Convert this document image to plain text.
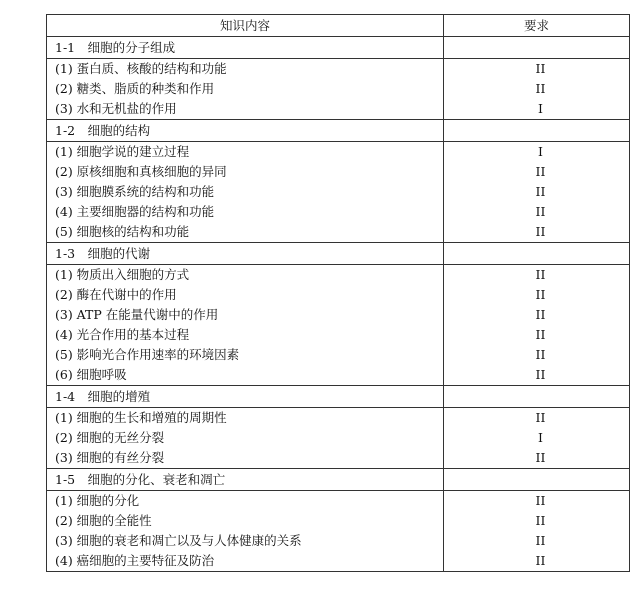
知识内容	要求
1-1　细胞的分子组成	
(1) 蛋白质、核酸的结构和功能	II
(2) 糖类、脂质的种类和作用	II
(3) 水和无机盐的作用	I
1-2　细胞的结构	
(1) 细胞学说的建立过程	I
(2) 原核细胞和真核细胞的异同	II
(3) 细胞膜系统的结构和功能	II
(4) 主要细胞器的结构和功能	II
(5) 细胞核的结构和功能	II
1-3　细胞的代谢	
(1) 物质出入细胞的方式	II
(2) 酶在代谢中的作用	II
(3) ATP 在能量代谢中的作用	II
(4) 光合作用的基本过程	II
(5) 影响光合作用速率的环境因素	II
(6) 细胞呼吸	II
1-4　细胞的增殖	
(1) 细胞的生长和增殖的周期性	II
(2) 细胞的无丝分裂	I
(3) 细胞的有丝分裂	II
1-5　细胞的分化、衰老和凋亡	
(1) 细胞的分化	II
(2) 细胞的全能性	II
(3) 细胞的衰老和凋亡以及与人体健康的关系	II
(4) 癌细胞的主要特征及防治	II
